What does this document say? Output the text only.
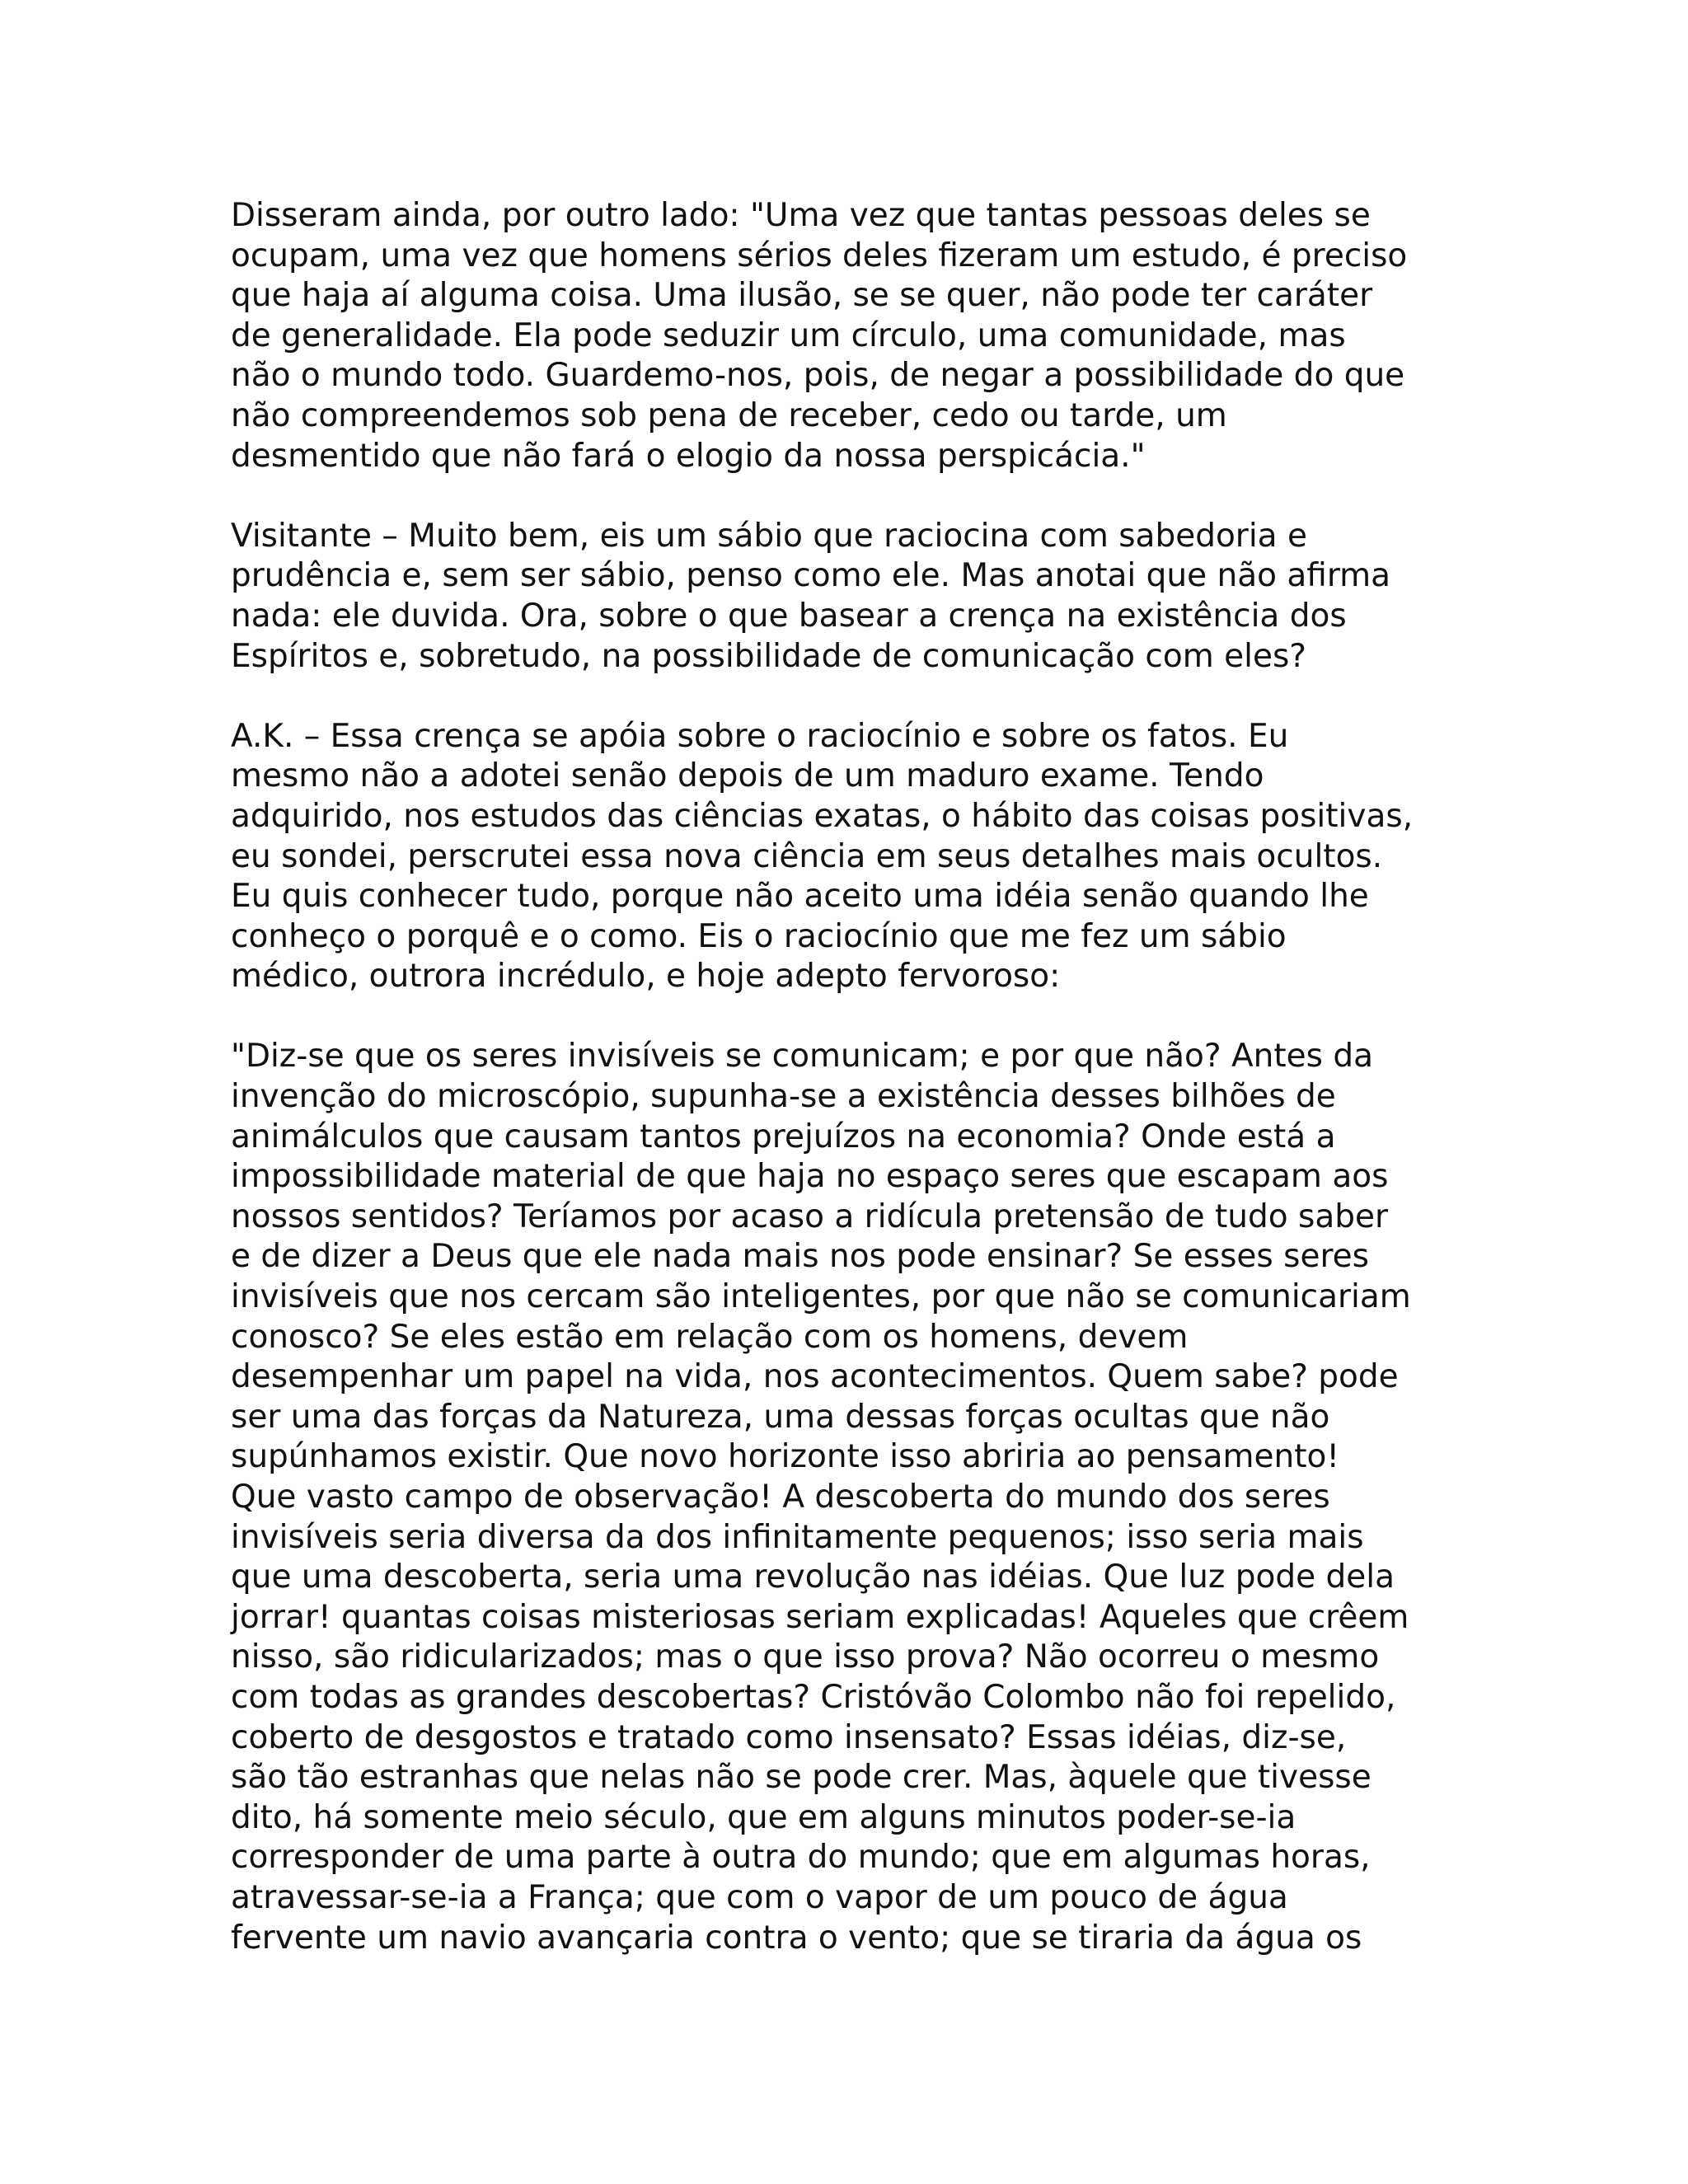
Disseram ainda, por outro lado: "Uma vez que tantas pessoas deles se
ocupam, uma vez que homens sérios deles fizeram um estudo, é preciso
que haja aí alguma coisa. Uma ilusão, se se quer, não pode ter caráter
de generalidade. Ela pode seduzir um círculo, uma comunidade, mas
não o mundo todo. Guardemo-nos, pois, de negar a possibilidade do que
não compreendemos sob pena de receber, cedo ou tarde, um
desmentido que não fará o elogio da nossa perspicácia."

Visitante – Muito bem, eis um sábio que raciocina com sabedoria e
prudência e, sem ser sábio, penso como ele. Mas anotai que não afirma
nada: ele duvida. Ora, sobre o que basear a crença na existência dos
Espíritos e, sobretudo, na possibilidade de comunicação com eles?

A.K. – Essa crença se apóia sobre o raciocínio e sobre os fatos. Eu
mesmo não a adotei senão depois de um maduro exame. Tendo
adquirido, nos estudos das ciências exatas, o hábito das coisas positivas,
eu sondei, perscrutei essa nova ciência em seus detalhes mais ocultos.
Eu quis conhecer tudo, porque não aceito uma idéia senão quando lhe
conheço o porquê e o como. Eis o raciocínio que me fez um sábio
médico, outrora incrédulo, e hoje adepto fervoroso:

"Diz-se que os seres invisíveis se comunicam; e por que não? Antes da
invenção do microscópio, supunha-se a existência desses bilhões de
animálculos que causam tantos prejuízos na economia? Onde está a
impossibilidade material de que haja no espaço seres que escapam aos
nossos sentidos? Teríamos por acaso a ridícula pretensão de tudo saber
e de dizer a Deus que ele nada mais nos pode ensinar? Se esses seres
invisíveis que nos cercam são inteligentes, por que não se comunicariam
conosco? Se eles estão em relação com os homens, devem
desempenhar um papel na vida, nos acontecimentos. Quem sabe? pode
ser uma das forças da Natureza, uma dessas forças ocultas que não
supúnhamos existir. Que novo horizonte isso abriria ao pensamento!
Que vasto campo de observação! A descoberta do mundo dos seres
invisíveis seria diversa da dos infinitamente pequenos; isso seria mais
que uma descoberta, seria uma revolução nas idéias. Que luz pode dela
jorrar! quantas coisas misteriosas seriam explicadas! Aqueles que crêem
nisso, são ridicularizados; mas o que isso prova? Não ocorreu o mesmo
com todas as grandes descobertas? Cristóvão Colombo não foi repelido,
coberto de desgostos e tratado como insensato? Essas idéias, diz-se,
são tão estranhas que nelas não se pode crer. Mas, àquele que tivesse
dito, há somente meio século, que em alguns minutos poder-se-ia
corresponder de uma parte à outra do mundo; que em algumas horas,
atravessar-se-ia a França; que com o vapor de um pouco de água
fervente um navio avançaria contra o vento; que se tiraria da água os
